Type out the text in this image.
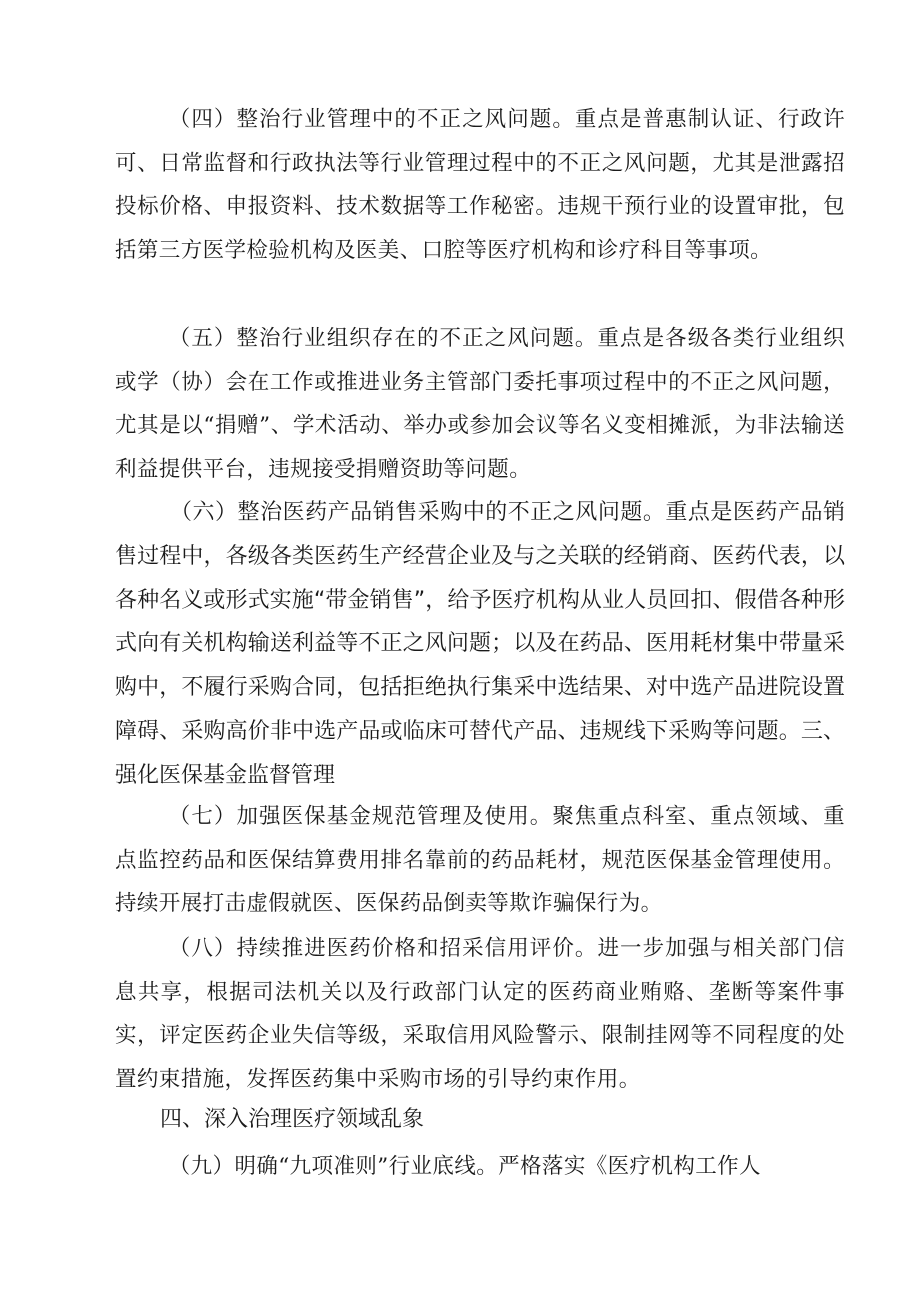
（四）整治行业管理中的不正之风问题。重点是普惠制认证、行政许可、日常监督和行政执法等行业管理过程中的不正之风问题，尤其是泄露招投标价格、申报资料、技术数据等工作秘密。违规干预行业的设置审批，包括第三方医学检验机构及医美、口腔等医疗机构和诊疗科目等事项。

（五）整治行业组织存在的不正之风问题。重点是各级各类行业组织或学（协）会在工作或推进业务主管部门委托事项过程中的不正之风问题，尤其是以“捐赠”、学术活动、举办或参加会议等名义变相摊派，为非法输送利益提供平台，违规接受捐赠资助等问题。

（六）整治医药产品销售采购中的不正之风问题。重点是医药产品销售过程中，各级各类医药生产经营企业及与之关联的经销商、医药代表，以各种名义或形式实施“带金销售”，给予医疗机构从业人员回扣、假借各种形式向有关机构输送利益等不正之风问题；以及在药品、医用耗材集中带量采购中，不履行采购合同，包括拒绝执行集采中选结果、对中选产品进院设置障碍、采购高价非中选产品或临床可替代产品、违规线下采购等问题。三、强化医保基金监督管理

（七）加强医保基金规范管理及使用。聚焦重点科室、重点领域、重点监控药品和医保结算费用排名靠前的药品耗材，规范医保基金管理使用。持续开展打击虚假就医、医保药品倒卖等欺诈骗保行为。

（八）持续推进医药价格和招采信用评价。进一步加强与相关部门信息共享，根据司法机关以及行政部门认定的医药商业贿赂、垄断等案件事实，评定医药企业失信等级，采取信用风险警示、限制挂网等不同程度的处置约束措施，发挥医药集中采购市场的引导约束作用。

四、深入治理医疗领域乱象

（九）明确“九项准则”行业底线。严格落实《医疗机构工作人
